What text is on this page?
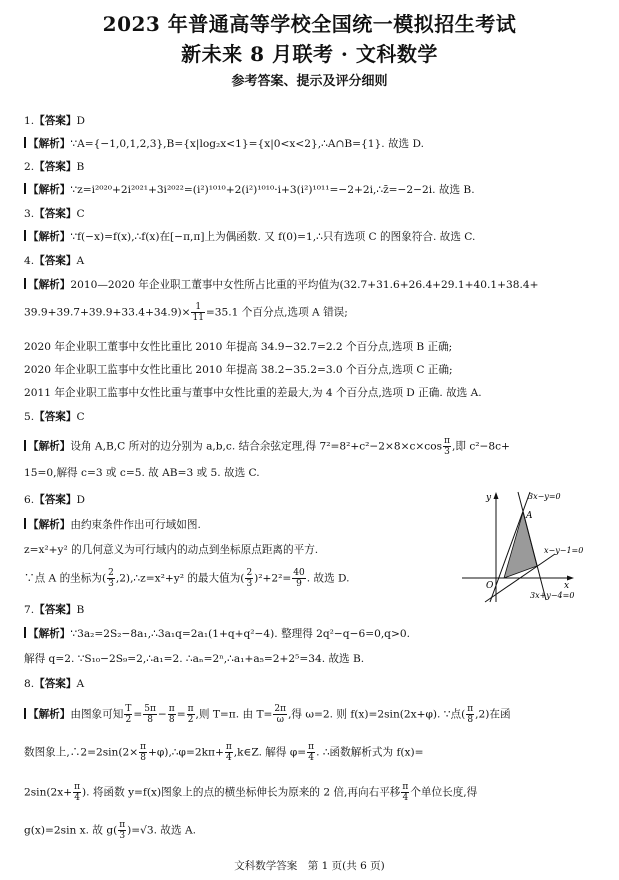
2023 年普通高等学校全国统一模拟招生考试
新未来 8 月联考 · 文科数学
参考答案、提示及评分细则
1.【答案】D
【解析】∵A={−1,0,1,2,3},B={x|log₂x<1}={x|0<x<2},∴A∩B={1}. 故选 D.
2.【答案】B
【解析】∵z=i²⁰²⁰+2i²⁰²¹+3i²⁰²²=(i²)¹⁰¹⁰+2(i²)¹⁰¹⁰·i+3(i²)¹⁰¹¹=−2+2i,∴z̄=−2−2i. 故选 B.
3.【答案】C
【解析】∵f(−x)=f(x),∴f(x)在[−π,π]上为偶函数. 又 f(0)=1,∴只有选项 C 的图象符合. 故选 C.
4.【答案】A
【解析】2010—2020 年企业职工董事中女性所占比重的平均值为(32.7+31.6+26.4+29.1+40.1+38.4+
$39.9+39.7+39.9+33.4+34.9)\times \frac{1}{11} =35.1$ 个百分点,选项 A 错误;
2020 年企业职工董事中女性比重比 2010 年提高 34.9−32.7=2.2 个百分点,选项 B 正确;
2020 年企业职工监事中女性比重比 2010 年提高 38.2−35.2=3.0 个百分点,选项 C 正确;
2011 年企业职工监事中女性比重与董事中女性比重的差最大,为 4 个百分点,选项 D 正确. 故选 A.
5.【答案】C
【解析】设角 A,B,C 所对的边分别为 a,b,c. 结合余弦定理,得 $7^2=8^2+c^2-2\times 8\times c\times\cos \frac{\pi}{3}$ ,即 c²−8c+
15=0,解得 c=3 或 c=5. 故 AB=3 或 5. 故选 C.
6.【答案】D
【解析】由约束条件作出可行域如图.
z=x²+y² 的几何意义为可行域内的动点到坐标原点距离的平方.
∵点 A 的坐标为( $\frac{2}{3}$ ,2),∴z=x²+y² 的最大值为( $\frac{2}{3} )^2+2^2= \frac{40}{9}$ . 故选 D.
y
x
O
A
3x−y=0
x−y−1=0
3x+y−4=0
7.【答案】B
【解析】∵3a₂=2S₂−8a₁,∴3a₁q=2a₁(1+q+q²−4). 整理得 2q²−q−6=0,q>0.
解得 q=2. ∵S₁₀−2S₉=2,∴a₁=2. ∴aₙ=2ⁿ,∴a₁+a₅=2+2⁵=34. 故选 B.
8.【答案】A
【解析】由图象可知 $\frac{T}{2} = \frac{5\pi}{8} - \frac{\pi}{8} = \frac{\pi}{2}$ ,则 T=π. 由 $T= \frac{2\pi}{\omega}$ ,得 ω=2. 则 f(x)=2sin(2x+φ). ∵点( $\frac{\pi}{8} ,2$)在函
数图象上,∴2=2sin(2× $\frac{\pi}{8}$ +φ),∴φ=2kπ+ $\frac{\pi}{4}$ ,k∈Z. 解得 $\varphi= \frac{\pi}{4}$ . ∴函数解析式为 f(x)=
$2\sin(2x+ \frac{\pi}{4}$ ). 将函数 y=f(x)图象上的点的横坐标伸长为原来的 2 倍,再向右平移 $\frac{\pi}{4}$ 个单位长度,得
g(x)=2sin x. 故 $g( \frac{\pi}{3} )=√3$. 故选 A.
文科数学答案　第 1 页(共 6 页)
